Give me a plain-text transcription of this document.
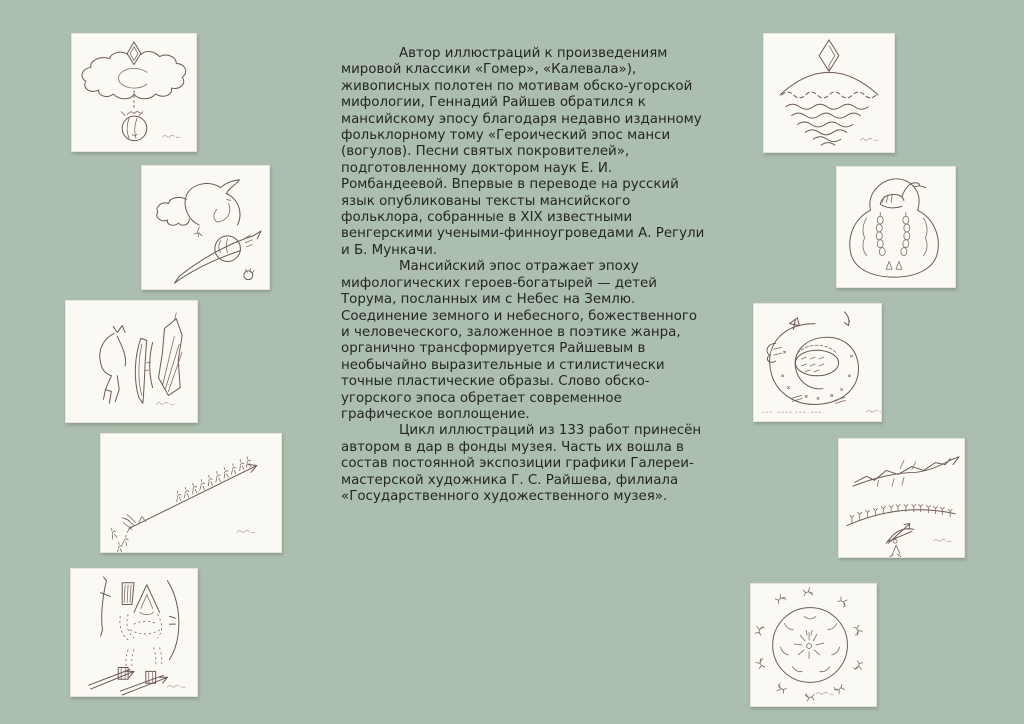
Автор иллюстраций к произведениям мировой классики «Гомер», «Калевала»), живописных полотен по мотивам обско-угорской мифологии, Геннадий Райшев обратился к мансийскому эпосу благодаря недавно изданному фольклорному тому «Героический эпос манси (вогулов). Песни святых покровителей», подготовленному доктором наук Е. И. Ромбандеевой. Впервые в переводе на русский язык опубликованы тексты мансийского фольклора, собранные в XIX известными венгерскими учеными-финноугроведами А. Регули и Б. Мункачи.

Мансийский эпос отражает эпоху мифологических героев-богатырей — детей Торума, посланных им с Небес на Землю. Соединение земного и небесного, божественного и человеческого, заложенное в поэтике жанра, органично трансформируется Райшевым в необычайно выразительные и стилистически точные пластические образы. Слово обско-угорского эпоса обретает современное графическое воплощение.

Цикл иллюстраций из 133 работ принесён автором в дар в фонды музея. Часть их вошла в состав постоянной экспозиции графики Галереи-мастерской художника Г. С. Райшева, филиала «Государственного художественного музея».
